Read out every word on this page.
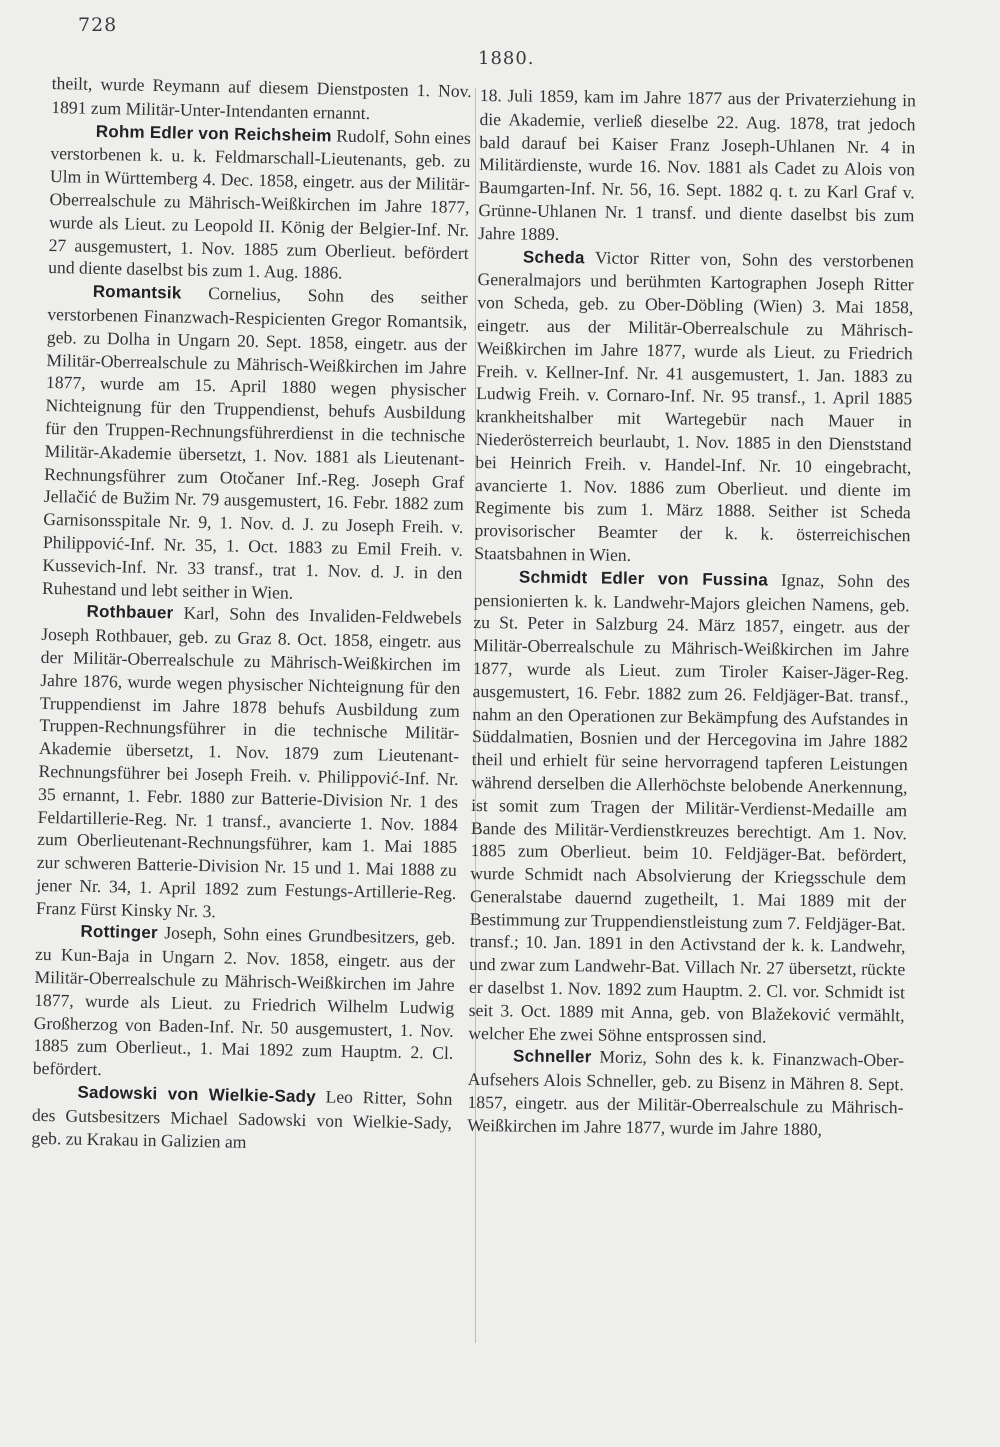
728
1880.

theilt, wurde Reymann auf diesem Dienstposten 1. Nov. 1891 zum Militär-Unter-Intendanten ernannt.

Rohm Edler von Reichsheim Rudolf, Sohn eines verstorbenen k. u. k. Feldmarschall-Lieutenants, geb. zu Ulm in Württemberg 4. Dec. 1858, eingetr. aus der Militär-Oberrealschule zu Mährisch-Weißkirchen im Jahre 1877, wurde als Lieut. zu Leopold II. König der Belgier-Inf. Nr. 27 ausgemustert, 1. Nov. 1885 zum Oberlieut. befördert und diente daselbst bis zum 1. Aug. 1886.

Romantsik Cornelius, Sohn des seither verstorbenen Finanzwach-Respicienten Gregor Romantsik, geb. zu Dolha in Ungarn 20. Sept. 1858, eingetr. aus der Militär-Oberrealschule zu Mährisch-Weißkirchen im Jahre 1877, wurde am 15. April 1880 wegen physischer Nichteignung für den Truppendienst, behufs Ausbildung für den Truppen-Rechnungsführerdienst in die technische Militär-Akademie übersetzt, 1. Nov. 1881 als Lieutenant-Rechnungsführer zum Otočaner Inf.-Reg. Joseph Graf Jellačić de Bužim Nr. 79 ausgemustert, 16. Febr. 1882 zum Garnisonsspitale Nr. 9, 1. Nov. d. J. zu Joseph Freih. v. Philippović-Inf. Nr. 35, 1. Oct. 1883 zu Emil Freih. v. Kussevich-Inf. Nr. 33 transf., trat 1. Nov. d. J. in den Ruhestand und lebt seither in Wien.

Rothbauer Karl, Sohn des Invaliden-Feldwebels Joseph Rothbauer, geb. zu Graz 8. Oct. 1858, eingetr. aus der Militär-Oberrealschule zu Mährisch-Weißkirchen im Jahre 1876, wurde wegen physischer Nichteignung für den Truppendienst im Jahre 1878 behufs Ausbildung zum Truppen-Rechnungsführer in die technische Militär-Akademie übersetzt, 1. Nov. 1879 zum Lieutenant-Rechnungsführer bei Joseph Freih. v. Philippović-Inf. Nr. 35 ernannt, 1. Febr. 1880 zur Batterie-Division Nr. 1 des Feldartillerie-Reg. Nr. 1 transf., avancierte 1. Nov. 1884 zum Oberlieutenant-Rechnungsführer, kam 1. Mai 1885 zur schweren Batterie-Division Nr. 15 und 1. Mai 1888 zu jener Nr. 34, 1. April 1892 zum Festungs-Artillerie-Reg. Franz Fürst Kinsky Nr. 3.

Rottinger Joseph, Sohn eines Grundbesitzers, geb. zu Kun-Baja in Ungarn 2. Nov. 1858, eingetr. aus der Militär-Oberrealschule zu Mährisch-Weißkirchen im Jahre 1877, wurde als Lieut. zu Friedrich Wilhelm Ludwig Großherzog von Baden-Inf. Nr. 50 ausgemustert, 1. Nov. 1885 zum Oberlieut., 1. Mai 1892 zum Hauptm. 2. Cl. befördert.

Sadowski von Wielkie-Sady Leo Ritter, Sohn des Gutsbesitzers Michael Sadowski von Wielkie-Sady, geb. zu Krakau in Galizien am

18. Juli 1859, kam im Jahre 1877 aus der Privaterziehung in die Akademie, verließ dieselbe 22. Aug. 1878, trat jedoch bald darauf bei Kaiser Franz Joseph-Uhlanen Nr. 4 in Militärdienste, wurde 16. Nov. 1881 als Cadet zu Alois von Baumgarten-Inf. Nr. 56, 16. Sept. 1882 q. t. zu Karl Graf v. Grünne-Uhlanen Nr. 1 transf. und diente daselbst bis zum Jahre 1889.

Scheda Victor Ritter von, Sohn des verstorbenen Generalmajors und berühmten Kartographen Joseph Ritter von Scheda, geb. zu Ober-Döbling (Wien) 3. Mai 1858, eingetr. aus der Militär-Oberrealschule zu Mährisch-Weißkirchen im Jahre 1877, wurde als Lieut. zu Friedrich Freih. v. Kellner-Inf. Nr. 41 ausgemustert, 1. Jan. 1883 zu Ludwig Freih. v. Cornaro-Inf. Nr. 95 transf., 1. April 1885 krankheitshalber mit Wartegebür nach Mauer in Niederösterreich beurlaubt, 1. Nov. 1885 in den Dienststand bei Heinrich Freih. v. Handel-Inf. Nr. 10 eingebracht, avancierte 1. Nov. 1886 zum Oberlieut. und diente im Regimente bis zum 1. März 1888. Seither ist Scheda provisorischer Beamter der k. k. österreichischen Staatsbahnen in Wien.

Schmidt Edler von Fussina Ignaz, Sohn des pensionierten k. k. Landwehr-Majors gleichen Namens, geb. zu St. Peter in Salzburg 24. März 1857, eingetr. aus der Militär-Oberrealschule zu Mährisch-Weißkirchen im Jahre 1877, wurde als Lieut. zum Tiroler Kaiser-Jäger-Reg. ausgemustert, 16. Febr. 1882 zum 26. Feldjäger-Bat. transf., nahm an den Operationen zur Bekämpfung des Aufstandes in Süddalmatien, Bosnien und der Hercegovina im Jahre 1882 theil und erhielt für seine hervorragend tapferen Leistungen während derselben die Allerhöchste belobende Anerkennung, ist somit zum Tragen der Militär-Verdienst-Medaille am Bande des Militär-Verdienstkreuzes berechtigt. Am 1. Nov. 1885 zum Oberlieut. beim 10. Feldjäger-Bat. befördert, wurde Schmidt nach Absolvierung der Kriegsschule dem Generalstabe dauernd zugetheilt, 1. Mai 1889 mit der Bestimmung zur Truppendienstleistung zum 7. Feldjäger-Bat. transf.; 10. Jan. 1891 in den Activstand der k. k. Landwehr, und zwar zum Landwehr-Bat. Villach Nr. 27 übersetzt, rückte er daselbst 1. Nov. 1892 zum Hauptm. 2. Cl. vor. Schmidt ist seit 3. Oct. 1889 mit Anna, geb. von Blažeković vermählt, welcher Ehe zwei Söhne entsprossen sind.

Schneller Moriz, Sohn des k. k. Finanzwach-Ober-Aufsehers Alois Schneller, geb. zu Bisenz in Mähren 8. Sept. 1857, eingetr. aus der Militär-Oberrealschule zu Mährisch-Weißkirchen im Jahre 1877, wurde im Jahre 1880,
